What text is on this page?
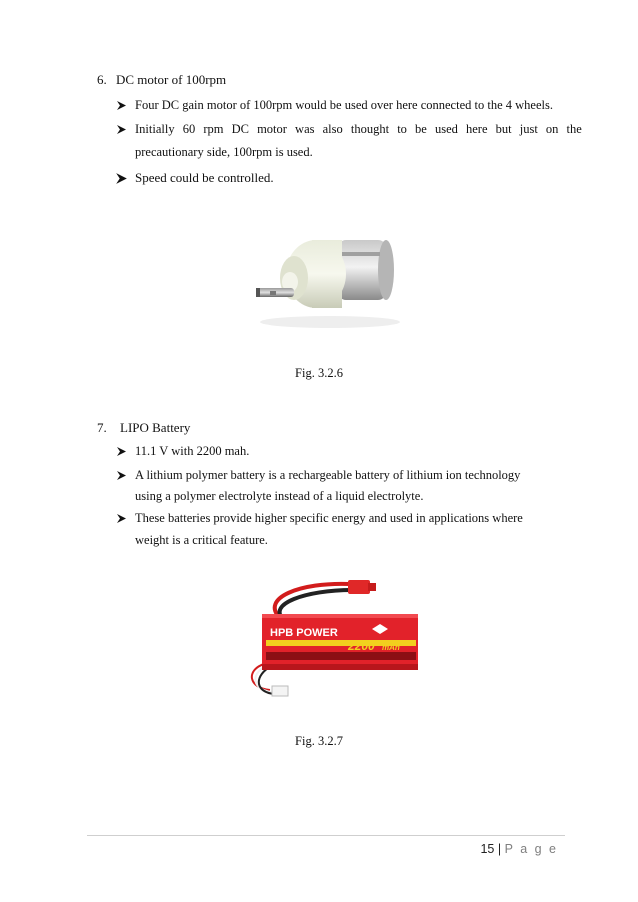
6. DC motor of 100rpm
Four DC gain motor of 100rpm would be used over here connected to the 4 wheels.
Initially 60 rpm DC motor was also thought to be used here but just on the
precautionary side, 100rpm is used.
Speed could be controlled.
Fig. 3.2.6
7. LIPO Battery
11.1 V with 2200 mah.
A lithium polymer battery is a rechargeable battery of lithium ion technology
using a polymer electrolyte instead of a liquid electrolyte.
These batteries provide higher specific energy and used in applications where
weight is a critical feature.
HPB POWER
2200 mAh
Fig. 3.2.7
15 | P a g e
